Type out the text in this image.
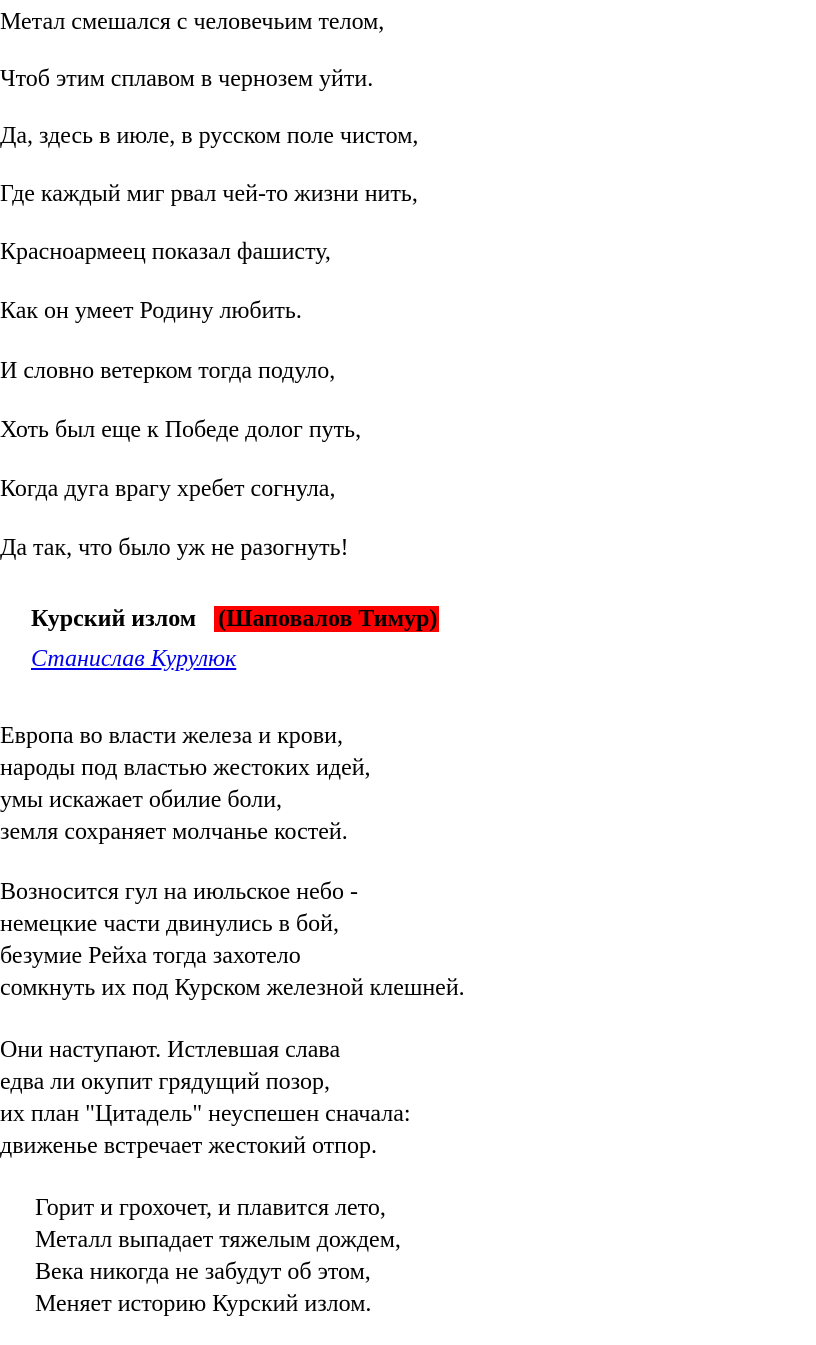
Метал смешался с человечьим телом,
Чтоб этим сплавом в чернозем уйти.
Да, здесь в июле, в русском поле чистом,
Где каждый миг рвал чей-то жизни нить,
Красноармеец показал фашисту,
Как он умеет Родину любить.
И словно ветерком тогда подуло,
Хоть был еще к Победе долог путь,
Когда дуга врагу хребет согнула,
Да так, что было уж не разогнуть!
Курский излом (Шаповалов Тимур)
Станислав Курулюк
Европа во власти железа и крови,
народы под властью жестоких идей,
умы искажает обилие боли,
земля сохраняет молчанье костей.
Возносится гул на июльское небо -
немецкие части двинулись в бой,
безумие Рейха тогда захотело
сомкнуть их под Курском железной клешней.
Они наступают. Истлевшая слава
едва ли окупит грядущий позор,
их план "Цитадель" неуспешен сначала:
движенье встречает жестокий отпор.
Горит и грохочет, и плавится лето,
Металл выпадает тяжелым дождем,
Века никогда не забудут об этом,
Меняет историю Курский излом.
